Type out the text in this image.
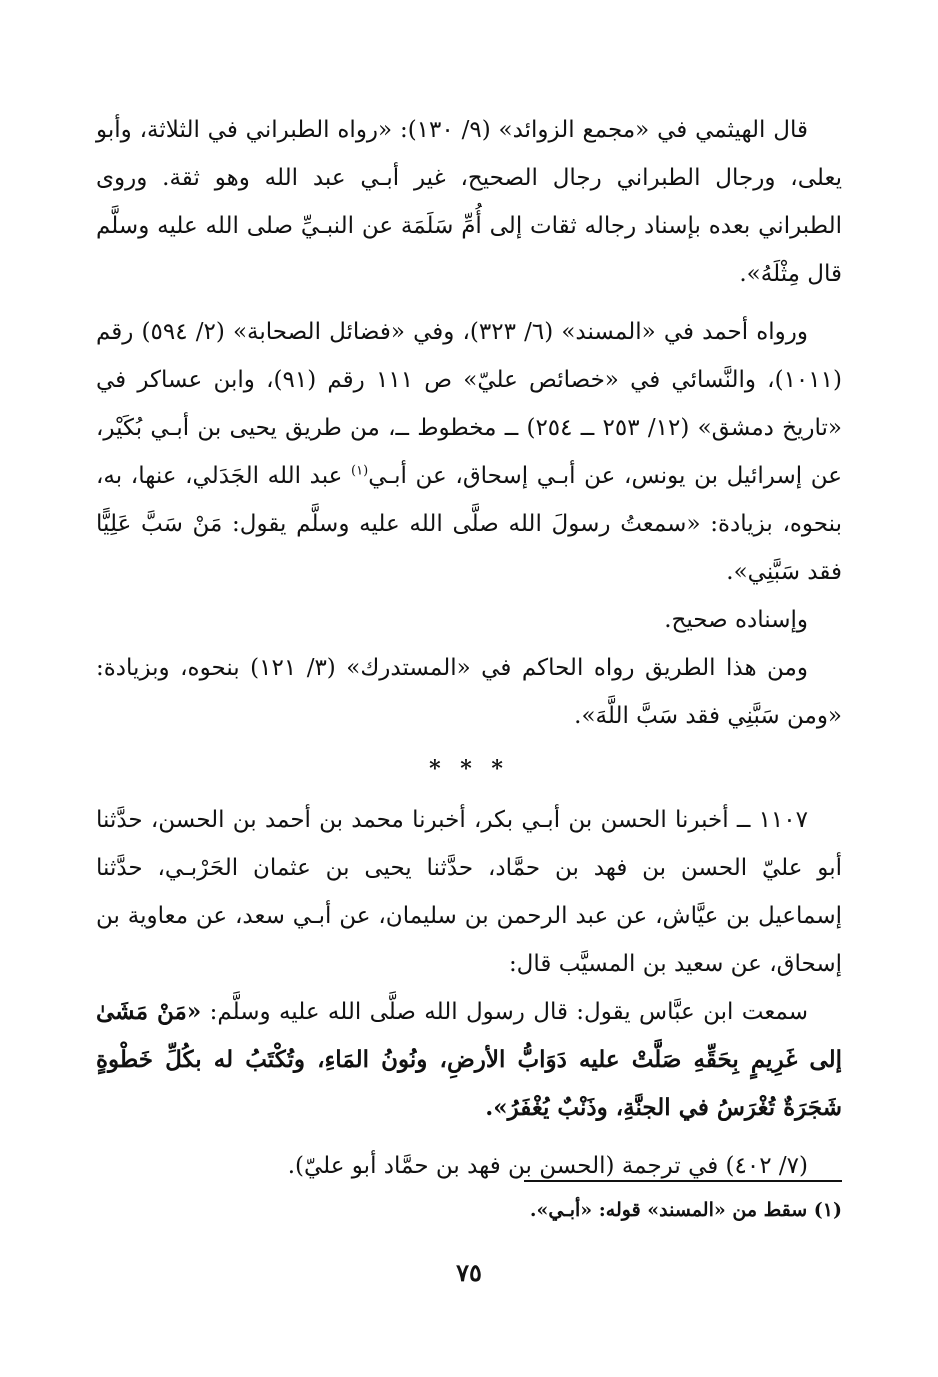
قال الهيثمي في «مجمع الزوائد» (٩/ ١٣٠): «رواه الطبراني في الثلاثة، وأبو يعلى، ورجال الطبراني رجال الصحيح، غير أبـي عبد الله وهو ثقة. وروى الطبراني بعده بإسناد رجاله ثقات إلى أُمِّ سَلَمَة عن النبـيِّ صلى الله عليه وسلَّم قال مِثْلَهُ».

ورواه أحمد في «المسند» (٦/ ٣٢٣)، وفي «فضائل الصحابة» (٢/ ٥٩٤) رقم (١٠١١)، والنَّسائي في «خصائص عليّ» ص ١١١ رقم (٩١)، وابن عساكر في «تاريخ دمشق» (١٢/ ٢٥٣ ــ ٢٥٤) ــ مخطوط ــ، من طريق يحيى بن أبـي بُكَيْر، عن إسرائيل بن يونس، عن أبـي إسحاق، عن أبـي$^{(١)}$ عبد الله الجَدَلي، عنها، به، بنحوه، بزيادة: «سمعتُ رسولَ الله صلَّى الله عليه وسلَّم يقول: مَنْ سَبَّ عَلِيًّا فقد سَبَّنِي».

وإسناده صحيح.

ومن هذا الطريق رواه الحاكم في «المستدرك» (٣/ ١٢١) بنحوه، وبزيادة: «ومن سَبَّنِي فقد سَبَّ اللَّهَ».

* * *

١١٠٧ ــ أخبرنا الحسن بن أبـي بكر، أخبرنا محمد بن أحمد بن الحسن، حدَّثنا أبو عليّ الحسن بن فهد بن حمَّاد، حدَّثنا يحيى بن عثمان الحَرْبـي، حدَّثنا إسماعيل بن عيَّاش، عن عبد الرحمن بن سليمان، عن أبـي سعد، عن معاوية بن إسحاق، عن سعيد بن المسيَّب قال:

سمعت ابن عبَّاس يقول: قال رسول الله صلَّى الله عليه وسلَّم: «مَنْ مَشَىٰ إلى غَرِيمٍ بِحَقِّهِ صَلَّتْ عليه دَوَابُّ الأرضِ، ونُونُ المَاءِ، وتُكْتَبُ له بكُلِّ خَطْوةٍ شَجَرَةٌ تُغْرَسُ في الجنَّةِ، وذَنْبٌ يُغْفَرُ».

(٧/ ٤٠٢) في ترجمة (الحسن بن فهد بن حمَّاد أبو عليّ).

(١) سقط من «المسند» قوله: «أبـي».
٧٥
